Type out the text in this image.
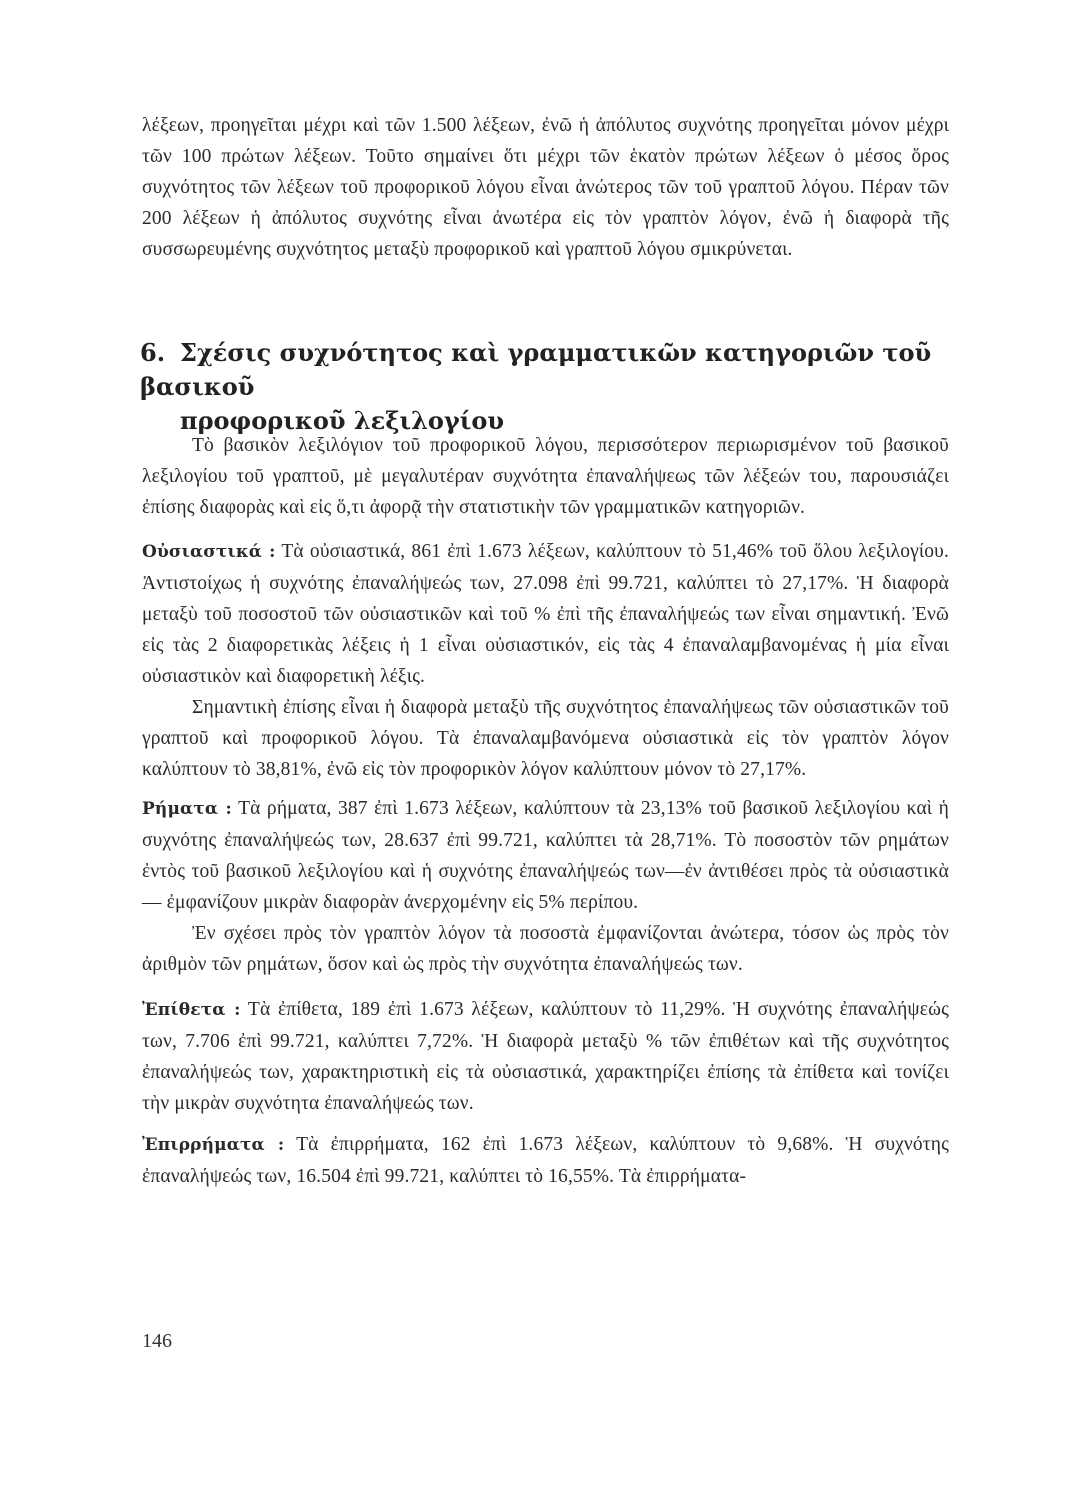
λέξεων, προηγεῖται μέχρι καὶ τῶν 1.500 λέξεων, ἐνῶ ἡ ἀπόλυτος συχνότης προηγεῖται μόνον μέχρι τῶν 100 πρώτων λέξεων. Τοῦτο σημαίνει ὅτι μέχρι τῶν ἑκατὸν πρώτων λέξεων ὁ μέσος ὅρος συχνότητος τῶν λέξεων τοῦ προφορικοῦ λόγου εἶναι ἀνώτερος τῶν τοῦ γραπτοῦ λόγου. Πέραν τῶν 200 λέξεων ἡ ἀπόλυτος συχνότης εἶναι ἀνωτέρα εἰς τὸν γραπτὸν λόγον, ἐνῶ ἡ διαφορὰ τῆς συσσωρευμένης συχνότητος μεταξὺ προφορικοῦ καὶ γραπτοῦ λόγου σμικρύνεται.

6. Σχέσις συχνότητος καὶ γραμματικῶν κατηγοριῶν τοῦ βασικοῦ
προφορικοῦ λεξιλογίου

Τὸ βασικὸν λεξιλόγιον τοῦ προφορικοῦ λόγου, περισσότερον περιωρισμένον τοῦ βασικοῦ λεξιλογίου τοῦ γραπτοῦ, μὲ μεγαλυτέραν συχνότητα ἐπαναλήψεως τῶν λέξεών του, παρουσιάζει ἐπίσης διαφορὰς καὶ εἰς ὅ,τι ἀφορᾷ τὴν στατιστικὴν τῶν γραμματικῶν κατηγοριῶν.

Οὐσιαστικά : Τὰ οὐσιαστικά, 861 ἐπὶ 1.673 λέξεων, καλύπτουν τὸ 51,46% τοῦ ὅλου λεξιλογίου. Ἀντιστοίχως ἡ συχνότης ἐπαναλήψεώς των, 27.098 ἐπὶ 99.721, καλύπτει τὸ 27,17%. Ἡ διαφορὰ μεταξὺ τοῦ ποσοστοῦ τῶν οὐσιαστικῶν καὶ τοῦ % ἐπὶ τῆς ἐπαναλήψεώς των εἶναι σημαντική. Ἐνῶ εἰς τὰς 2 διαφορετικὰς λέξεις ἡ 1 εἶναι οὐσιαστικόν, εἰς τὰς 4 ἐπαναλαμβανομένας ἡ μία εἶναι οὐσιαστικὸν καὶ διαφορετικὴ λέξις.

Σημαντικὴ ἐπίσης εἶναι ἡ διαφορὰ μεταξὺ τῆς συχνότητος ἐπαναλήψεως τῶν οὐσιαστικῶν τοῦ γραπτοῦ καὶ προφορικοῦ λόγου. Τὰ ἐπαναλαμβανόμενα οὐσιαστικὰ εἰς τὸν γραπτὸν λόγον καλύπτουν τὸ 38,81%, ἐνῶ εἰς τὸν προφορικὸν λόγον καλύπτουν μόνον τὸ 27,17%.

Ρήματα : Τὰ ρήματα, 387 ἐπὶ 1.673 λέξεων, καλύπτουν τὰ 23,13% τοῦ βασικοῦ λεξιλογίου καὶ ἡ συχνότης ἐπαναλήψεώς των, 28.637 ἐπὶ 99.721, καλύπτει τὰ 28,71%. Τὸ ποσοστὸν τῶν ρημάτων ἐντὸς τοῦ βασικοῦ λεξιλογίου καὶ ἡ συχνότης ἐπαναλήψεώς των—ἐν ἀντιθέσει πρὸς τὰ οὐσιαστικὰ — ἐμφανίζουν μικρὰν διαφορὰν ἀνερχομένην εἰς 5% περίπου.

Ἐν σχέσει πρὸς τὸν γραπτὸν λόγον τὰ ποσοστὰ ἐμφανίζονται ἀνώτερα, τόσον ὡς πρὸς τὸν ἀριθμὸν τῶν ρημάτων, ὅσον καὶ ὡς πρὸς τὴν συχνότητα ἐπαναλήψεώς των.

Ἐπίθετα : Τὰ ἐπίθετα, 189 ἐπὶ 1.673 λέξεων, καλύπτουν τὸ 11,29%. Ἡ συχνότης ἐπαναλήψεώς των, 7.706 ἐπὶ 99.721, καλύπτει 7,72%. Ἡ διαφορὰ μεταξὺ % τῶν ἐπιθέτων καὶ τῆς συχνότητος ἐπαναλήψεώς των, χαρακτηριστικὴ εἰς τὰ οὐσιαστικά, χαρακτηρίζει ἐπίσης τὰ ἐπίθετα καὶ τονίζει τὴν μικρὰν συχνότητα ἐπαναλήψεώς των.

Ἐπιρρήματα : Τὰ ἐπιρρήματα, 162 ἐπὶ 1.673 λέξεων, καλύπτουν τὸ 9,68%. Ἡ συχνότης ἐπαναλήψεώς των, 16.504 ἐπὶ 99.721, καλύπτει τὸ 16,55%. Τὰ ἐπιρρήματα-

146
